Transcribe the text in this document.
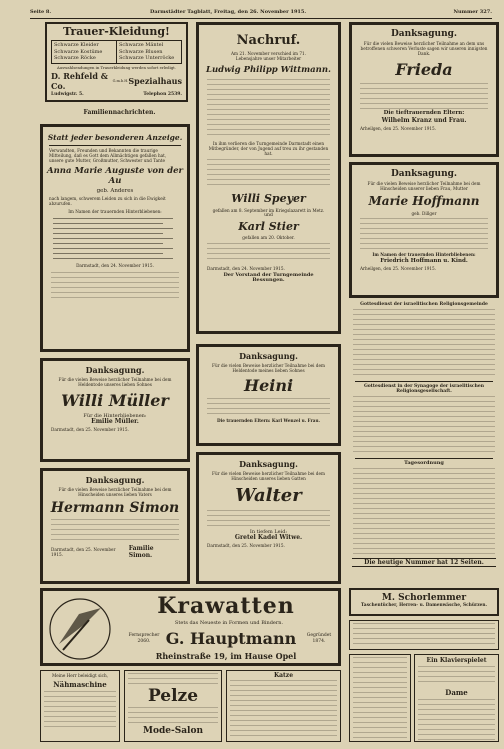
Seite 8.	Darmstädter Tagblatt, Freitag, den 26. November 1915.	Nummer 327.
Trauer-Kleidung!
Schwarze Kleider
Schwarze Kostüme
Schwarze Röcke
Schwarze Mäntel
Schwarze Blusen
Schwarze Unterröcke
Auswahlsendungen in Trauerkleidung werden sofort erledigt.
D. Rehfeld & Co.	G.m.b.H. Spezialhaus
Ludwigstr. 5.	Telephon 2539.
Familiennachrichten.
Statt jeder besonderen Anzeige.
Verwandten, Freunden und Bekannten die traurige Mitteilung, daß es Gott dem Allmächtigen gefallen hat, unsere gute Mutter, Großmutter, Schwester und Tante
Anna Marie Auguste von der Au
geb. Anderes
nach langem, schwerem Leiden zu sich in die Ewigkeit abzurufen.
Im Namen der trauernden Hinterbliebenen:
Darmstadt, den 24. November 1915.
Nachruf.
Am 21. November verschied im 71. Lebensjahre unser Mitarbeiter
Ludwig Philipp Wittmann.
In ihm verlieren die Turngemeinde Darmstadt einen Mitbegründer, der von Jugend auf treu zu ihr gestanden hat.
Willi Speyer
gefallen am 8. September im Kriegslazarett in Metz.
und
Karl Stier
gefallen am 20. Oktober.
Darmstadt, den 24. November 1915.
Der Vorstand der Turngemeinde Bessungen.
Danksagung.
Für die vielen Beweise herzlicher Teilnahme an dem uns betroffenen schweren Verluste sagen wir unseren innigsten Dank.
Frieda
Die tieftrauernden Eltern:
Wilhelm Kranz und Frau.
Arheilgen, den 25. November 1915.
Danksagung.
Für die vielen Beweise herzlicher Teilnahme bei dem Hinscheiden unserer lieben Frau, Mutter
Marie Hoffmann
geb. Dillger
Im Namen der trauernden Hinterbliebenen:
Friedrich Hoffmann u. Kind.
Arheilgen, den 25. November 1915.
Gottesdienst der israelitischen Religionsgemeinde
Gottesdienst in der Synagoge der israelitischen Religionsgesellschaft.
Tagesordnung
Die heutige Nummer hat 12 Seiten.
Danksagung.
Für die vielen Beweise herzlicher Teilnahme bei dem Heldentode unseres lieben Sohnes
Willi Müller
Für die Hinterbliebenen:
Emilie Müller.
Darmstadt, den 25. November 1915.
Danksagung.
Für die vielen Beweise herzlicher Teilnahme bei dem Heldentode meines lieben Sohnes
Heini
Die trauernden Eltern: Karl Wenzel u. Frau.
Danksagung.
Für die vielen Beweise herzlicher Teilnahme bei dem Hinscheiden unseres lieben Vaters
Hermann Simon
Darmstadt, den 25. November 1915.
Familie Simon.
Danksagung.
Für die vielen Beweise herzlicher Teilnahme bei dem Hinscheiden unseres lieben Gatten
Walter
In tiefem Leid:
Gretel Kadel Witwe.
Darmstadt, den 25. November 1915.
Krawatten
Stets das Neueste in Formen und Bindern.
Fernsprecher 2060. G. Hauptmann	Gegründet 1874.
Rheinstraße 19, im Hause Opel
M. Schorlemmer
Taschentücher, Herren- u. Damenwäsche, Schürzen.
Meine Herr beleidigt sich,
Nähmaschine
Pelze
Mode-Salon
Katze
Ein Klavierspielet
Dame
